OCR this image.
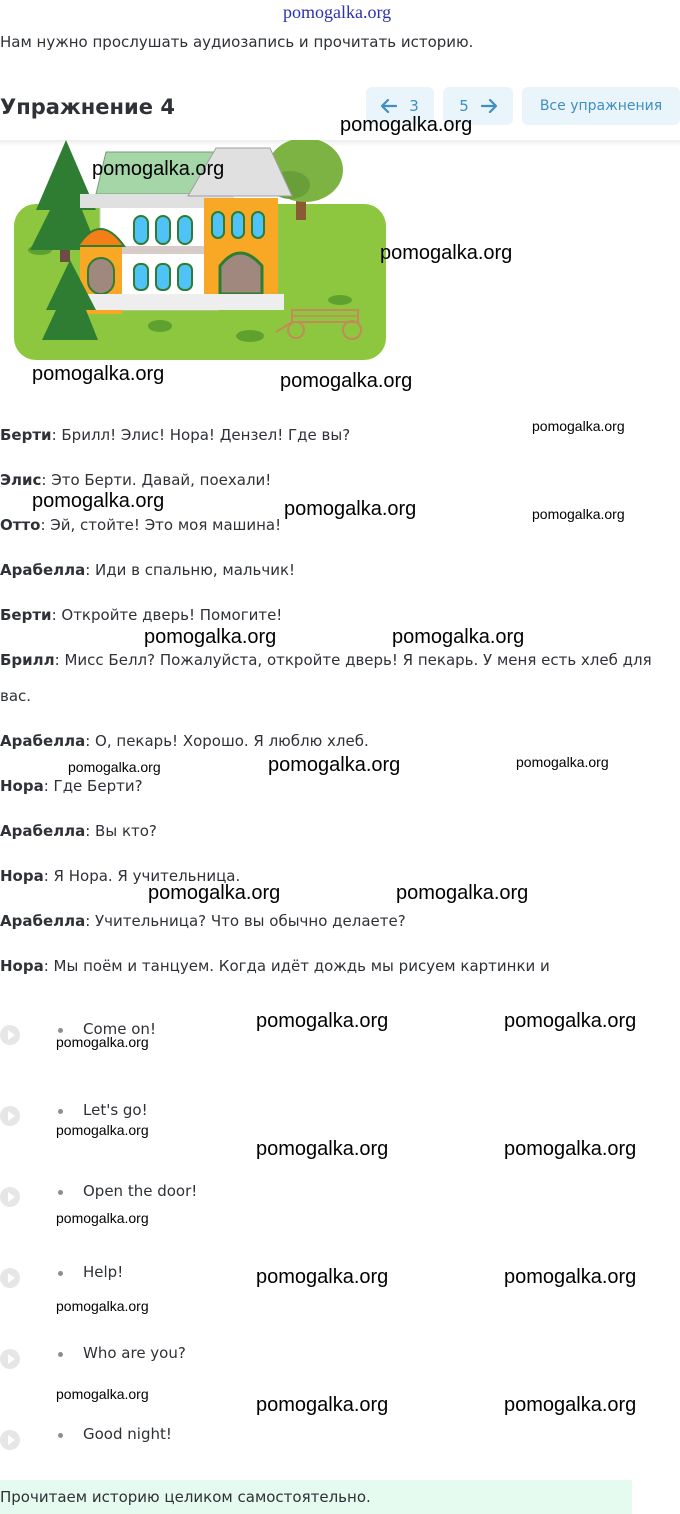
pomogalka.org
Нам нужно прослушать аудиозапись и прочитать историю.
Упражнение 4	3	5	Все упражнения
Берти: Брилл! Элис! Нора! Дензел! Где вы?
Элис: Это Берти. Давай, поехали!
Отто: Эй, стойте! Это моя машина!
Арабелла: Иди в спальню, мальчик!
Берти: Откройте дверь! Помогите!
Брилл: Мисс Белл? Пожалуйста, откройте дверь! Я пекарь. У меня есть хлеб для
вас.
Арабелла: О, пекарь! Хорошо. Я люблю хлеб.
Нора: Где Берти?
Арабелла: Вы кто?
Нора: Я Нора. Я учительница.
Арабелла: Учительница? Что вы обычно делаете?
Нора: Мы поём и танцуем. Когда идёт дождь мы рисуем картинки и
Come on!
Let's go!
Open the door!
Help!
Who are you?
Good night!
Прочитаем историю целиком самостоятельно.
pomogalka.org
pomogalka.org
pomogalka.org
pomogalka.org	pomogalka.org
pomogalka.org
pomogalka.org	pomogalka.org	pomogalka.org
pomogalka.org	pomogalka.org
pomogalka.org	pomogalka.org	pomogalka.org
pomogalka.org	pomogalka.org
pomogalka.org	pomogalka.org
pomogalka.org
pomogalka.org
pomogalka.org	pomogalka.org
pomogalka.org
pomogalka.org	pomogalka.org
pomogalka.org
pomogalka.org	pomogalka.org	pomogalka.org
